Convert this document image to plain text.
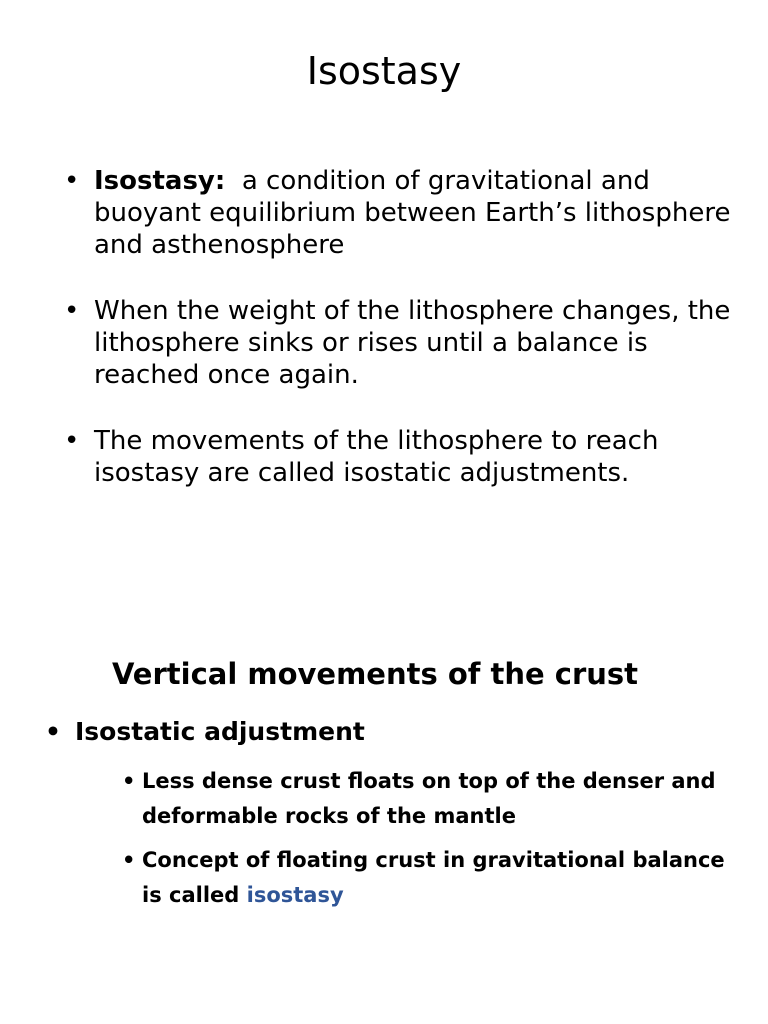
Isostasy
• Isostasy: a condition of gravitational and buoyant equilibrium between Earth’s lithosphere and asthenosphere
• When the weight of the lithosphere changes, the lithosphere sinks or rises until a balance is reached once again.
• The movements of the lithosphere to reach isostasy are called isostatic adjustments.
Vertical movements of the crust
• Isostatic adjustment
• Less dense crust floats on top of the denser and deformable rocks of the mantle
• Concept of floating crust in gravitational balance is called isostasy
